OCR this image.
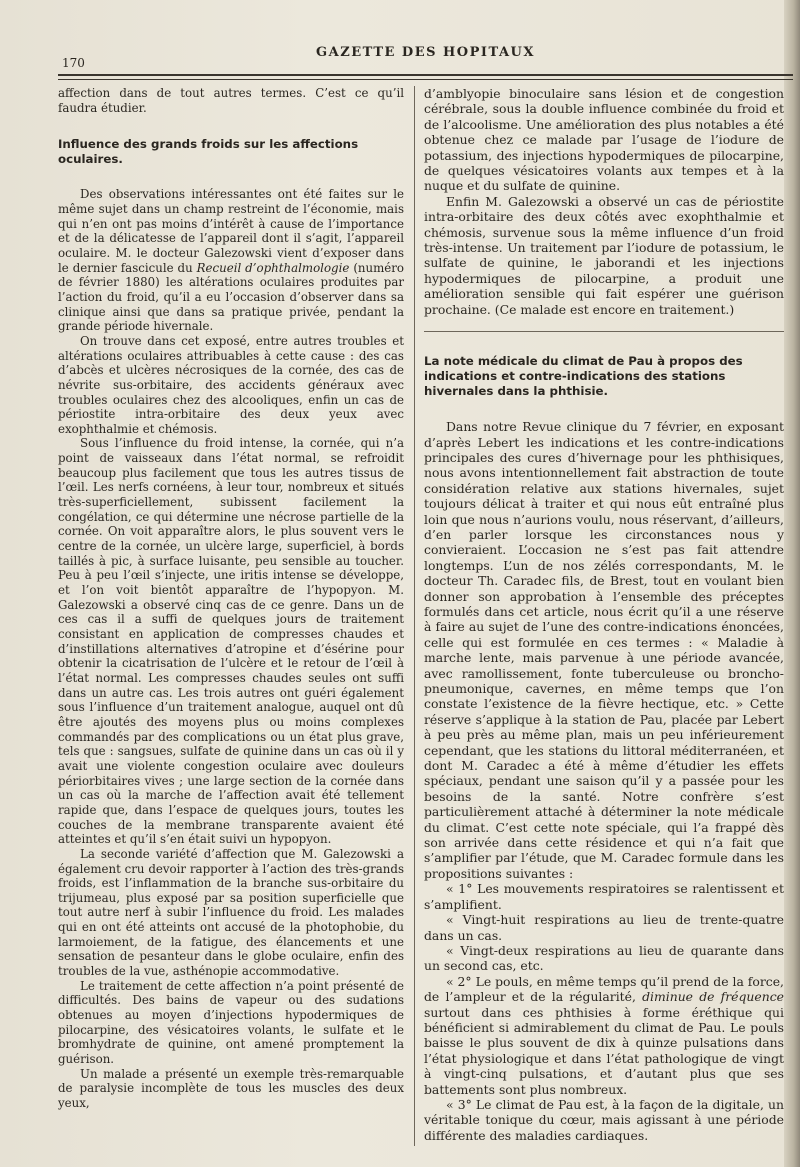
170
GAZETTE DES HOPITAUX

affection dans de tout autres termes. C’est ce qu’il faudra étudier.

Influence des grands froids sur les affections oculaires.

Des observations intéressantes ont été faites sur le même sujet dans un champ restreint de l’économie, mais qui n’en ont pas moins d’intérêt à cause de l’importance et de la délicatesse de l’appareil dont il s’agit, l’appareil oculaire. M. le docteur Galezowski vient d’exposer dans le dernier fascicule du Recueil d’ophthalmologie (numéro de février 1880) les altérations oculaires produites par l’action du froid, qu’il a eu l’occasion d’observer dans sa clinique ainsi que dans sa pratique privée, pendant la grande période hivernale.

On trouve dans cet exposé, entre autres troubles et altérations oculaires attribuables à cette cause : des cas d’abcès et ulcères nécrosiques de la cornée, des cas de névrite sus-orbitaire, des accidents généraux avec troubles oculaires chez des alcooliques, enfin un cas de périostite intra-orbitaire des deux yeux avec exophthalmie et chémosis.

Sous l’influence du froid intense, la cornée, qui n’a point de vaisseaux dans l’état normal, se refroidit beaucoup plus facilement que tous les autres tissus de l’œil. Les nerfs cornéens, à leur tour, nombreux et situés très-superficiellement, subissent facilement la congélation, ce qui détermine une nécrose partielle de la cornée. On voit apparaître alors, le plus souvent vers le centre de la cornée, un ulcère large, superficiel, à bords taillés à pic, à surface luisante, peu sensible au toucher. Peu à peu l’œil s’injecte, une iritis intense se développe, et l’on voit bientôt apparaître de l’hypopyon. M. Galezowski a observé cinq cas de ce genre. Dans un de ces cas il a suffi de quelques jours de traitement consistant en application de compresses chaudes et d’instillations alternatives d’atropine et d’ésérine pour obtenir la cicatrisation de l’ulcère et le retour de l’œil à l’état normal. Les compresses chaudes seules ont suffi dans un autre cas. Les trois autres ont guéri également sous l’influence d’un traitement analogue, auquel ont dû être ajoutés des moyens plus ou moins complexes commandés par des complications ou un état plus grave, tels que : sangsues, sulfate de quinine dans un cas où il y avait une violente congestion oculaire avec douleurs périorbitaires vives ; une large section de la cornée dans un cas où la marche de l’affection avait été tellement rapide que, dans l’espace de quelques jours, toutes les couches de la membrane transparente avaient été atteintes et qu’il s’en était suivi un hypopyon.

La seconde variété d’affection que M. Galezowski a également cru devoir rapporter à l’action des très-grands froids, est l’inflammation de la branche sus-orbitaire du trijumeau, plus exposé par sa position superficielle que tout autre nerf à subir l’influence du froid. Les malades qui en ont été atteints ont accusé de la photophobie, du larmoiement, de la fatigue, des élancements et une sensation de pesanteur dans le globe oculaire, enfin des troubles de la vue, asthénopie accommodative.

Le traitement de cette affection n’a point présenté de difficultés. Des bains de vapeur ou des sudations obtenues au moyen d’injections hypodermiques de pilocarpine, des vésicatoires volants, le sulfate et le bromhydrate de quinine, ont amené promptement la guérison.

Un malade a présenté un exemple très-remarquable de paralysie incomplète de tous les muscles des deux yeux,

d’amblyopie binoculaire sans lésion et de congestion cérébrale, sous la double influence combinée du froid et de l’alcoolisme. Une amélioration des plus notables a été obtenue chez ce malade par l’usage de l’iodure de potassium, des injections hypodermiques de pilocarpine, de quelques vésicatoires volants aux tempes et à la nuque et du sulfate de quinine.

Enfin M. Galezowski a observé un cas de périostite intra-orbitaire des deux côtés avec exophthalmie et chémosis, survenue sous la même influence d’un froid très-intense. Un traitement par l’iodure de potassium, le sulfate de quinine, le jaborandi et les injections hypodermiques de pilocarpine, a produit une amélioration sensible qui fait espérer une guérison prochaine. (Ce malade est encore en traitement.)

La note médicale du climat de Pau à propos des indications et contre-indications des stations hivernales dans la phthisie.

Dans notre Revue clinique du 7 février, en exposant d’après Lebert les indications et les contre-indications principales des cures d’hivernage pour les phthisiques, nous avons intentionnellement fait abstraction de toute considération relative aux stations hivernales, sujet toujours délicat à traiter et qui nous eût entraîné plus loin que nous n’aurions voulu, nous réservant, d’ailleurs, d’en parler lorsque les circonstances nous y convieraient. L’occasion ne s’est pas fait attendre longtemps. L’un de nos zélés correspondants, M. le docteur Th. Caradec fils, de Brest, tout en voulant bien donner son approbation à l’ensemble des préceptes formulés dans cet article, nous écrit qu’il a une réserve à faire au sujet de l’une des contre-indications énoncées, celle qui est formulée en ces termes : « Maladie à marche lente, mais parvenue à une période avancée, avec ramollissement, fonte tuberculeuse ou broncho-pneumonique, cavernes, en même temps que l’on constate l’existence de la fièvre hectique, etc. » Cette réserve s’applique à la station de Pau, placée par Lebert à peu près au même plan, mais un peu inférieurement cependant, que les stations du littoral méditerranéen, et dont M. Caradec a été à même d’étudier les effets spéciaux, pendant une saison qu’il y a passée pour les besoins de la santé. Notre confrère s’est particulièrement attaché à déterminer la note médicale du climat. C’est cette note spéciale, qui l’a frappé dès son arrivée dans cette résidence et qui n’a fait que s’amplifier par l’étude, que M. Caradec formule dans les propositions suivantes :

« 1° Les mouvements respiratoires se ralentissent et s’amplifient.

« Vingt-huit respirations au lieu de trente-quatre dans un cas.

« Vingt-deux respirations au lieu de quarante dans un second cas, etc.

« 2° Le pouls, en même temps qu’il prend de la force, de l’ampleur et de la régularité, diminue de fréquence surtout dans ces phthisies à forme éréthique qui bénéficient si admirablement du climat de Pau. Le pouls baisse le plus souvent de dix à quinze pulsations dans l’état physiologique et dans l’état pathologique de vingt à vingt-cinq pulsations, et d’autant plus que ses battements sont plus nombreux.

« 3° Le climat de Pau est, à la façon de la digitale, un véritable tonique du cœur, mais agissant à une période différente des maladies cardiaques.
